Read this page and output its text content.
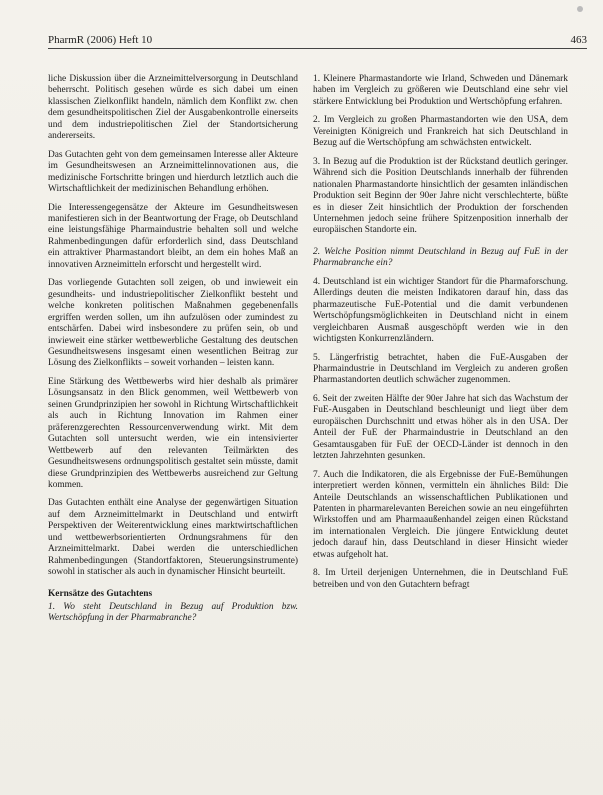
PharmR (2006) Heft 10	463

liche Diskussion über die Arzneimittelversorgung in Deutschland beherrscht. Politisch gesehen würde es sich dabei um einen klassischen Zielkonflikt handeln, nämlich dem Konflikt zw. chen dem gesundheitspolitischen Ziel der Ausgabenkontrolle einerseits und dem industriepolitischen Ziel der Standortsicherung andererseits.

Das Gutachten geht von dem gemeinsamen Interesse aller Akteure im Gesundheitswesen an Arzneimittelinnovationen aus, die medizinische Fortschritte bringen und hierdurch letztlich auch die Wirtschaftlichkeit der medizinischen Behandlung erhöhen.

Die Interessengegensätze der Akteure im Gesundheitswesen manifestieren sich in der Beantwortung der Frage, ob Deutschland eine leistungsfähige Pharmaindustrie behalten soll und welche Rahmenbedingungen dafür erforderlich sind, dass Deutschland ein attraktiver Pharmastandort bleibt, an dem ein hohes Maß an innovativen Arzneimitteln erforscht und hergestellt wird.

Das vorliegende Gutachten soll zeigen, ob und inwieweit ein gesundheits- und industriepolitischer Zielkonflikt besteht und welche konkreten politischen Maßnahmen gegebenenfalls ergriffen werden sollen, um ihn aufzulösen oder zumindest zu entschärfen. Dabei wird insbesondere zu prüfen sein, ob und inwieweit eine stärker wettbewerbliche Gestaltung des deutschen Gesundheitswesens insgesamt einen wesentlichen Beitrag zur Lösung des Zielkonflikts – soweit vorhanden – leisten kann.

Eine Stärkung des Wettbewerbs wird hier deshalb als primärer Lösungsansatz in den Blick genommen, weil Wettbewerb von seinen Grundprinzipien her sowohl in Richtung Wirtschaftlichkeit als auch in Richtung Innovation im Rahmen einer präferenzgerechten Ressourcenverwendung wirkt. Mit dem Gutachten soll untersucht werden, wie ein intensivierter Wettbewerb auf den relevanten Teilmärkten des Gesundheitswesens ordnungspolitisch gestaltet sein müsste, damit diese Grundprinzipien des Wettbewerbs ausreichend zur Geltung kommen.

Das Gutachten enthält eine Analyse der gegenwärtigen Situation auf dem Arzneimittelmarkt in Deutschland und entwirft Perspektiven der Weiterentwicklung eines marktwirtschaftlichen und wettbewerbsorientierten Ordnungsrahmens für den Arzneimittelmarkt. Dabei werden die unterschiedlichen Rahmenbedingungen (Standortfaktoren, Steuerungsinstrumente) sowohl in statischer als auch in dynamischer Hinsicht beurteilt.

Kernsätze des Gutachtens
1. Wo steht Deutschland in Bezug auf Produktion bzw. Wertschöpfung in der Pharmabranche?

1. Kleinere Pharmastandorte wie Irland, Schweden und Dänemark haben im Vergleich zu größeren wie Deutschland eine sehr viel stärkere Entwicklung bei Produktion und Wertschöpfung erfahren.

2. Im Vergleich zu großen Pharmastandorten wie den USA, dem Vereinigten Königreich und Frankreich hat sich Deutschland in Bezug auf die Wertschöpfung am schwächsten entwickelt.

3. In Bezug auf die Produktion ist der Rückstand deutlich geringer. Während sich die Position Deutschlands innerhalb der führenden nationalen Pharmastandorte hinsichtlich der gesamten inländischen Produktion seit Beginn der 90er Jahre nicht verschlechterte, büßte es in dieser Zeit hinsichtlich der Produktion der forschenden Unternehmen jedoch seine frühere Spitzenposition innerhalb der europäischen Standorte ein.

2. Welche Position nimmt Deutschland in Bezug auf FuE in der Pharmabranche ein?

4. Deutschland ist ein wichtiger Standort für die Pharmaforschung. Allerdings deuten die meisten Indikatoren darauf hin, dass das pharmazeutische FuE-Potential und die damit verbundenen Wertschöpfungsmöglichkeiten in Deutschland nicht in einem vergleichbaren Ausmaß ausgeschöpft werden wie in den wichtigsten Konkurrenzländern.

5. Längerfristig betrachtet, haben die FuE-Ausgaben der Pharmaindustrie in Deutschland im Vergleich zu anderen großen Pharmastandorten deutlich schwächer zugenommen.

6. Seit der zweiten Hälfte der 90er Jahre hat sich das Wachstum der FuE-Ausgaben in Deutschland beschleunigt und liegt über dem europäischen Durchschnitt und etwas höher als in den USA. Der Anteil der FuE der Pharmaindustrie in Deutschland an den Gesamtausgaben für FuE der OECD-Länder ist dennoch in den letzten Jahrzehnten gesunken.

7. Auch die Indikatoren, die als Ergebnisse der FuE-Bemühungen interpretiert werden können, vermitteln ein ähnliches Bild: Die Anteile Deutschlands an wissenschaftlichen Publikationen und Patenten in pharmarelevanten Bereichen sowie an neu eingeführten Wirkstoffen und am Pharmaaußenhandel zeigen einen Rückstand im internationalen Vergleich. Die jüngere Entwicklung deutet jedoch darauf hin, dass Deutschland in dieser Hinsicht wieder etwas aufgeholt hat.

8. Im Urteil derjenigen Unternehmen, die in Deutschland FuE betreiben und von den Gutachtern befragt
